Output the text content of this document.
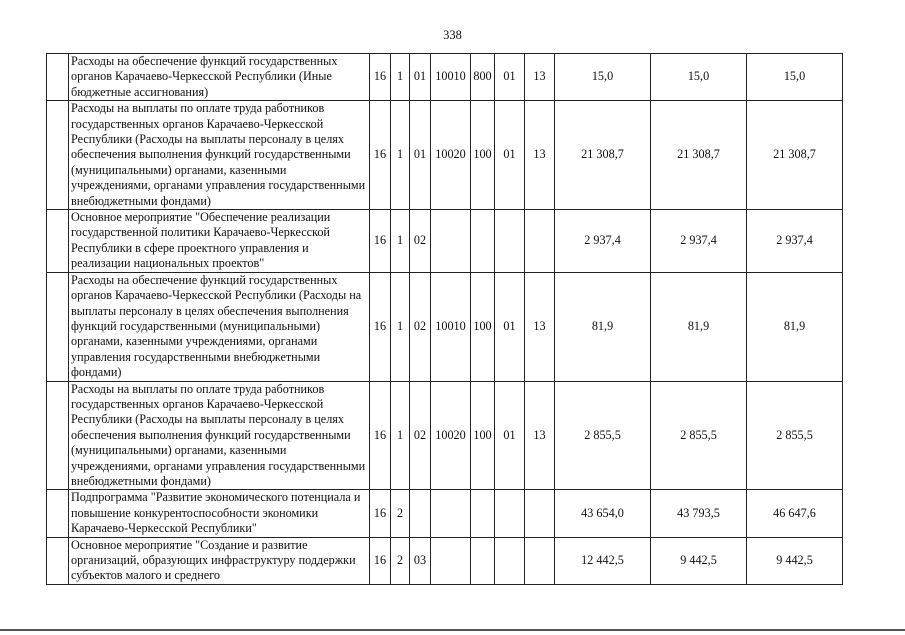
338
	Расходы на обеспечение функций государственных органов Карачаево-Черкесской Республики (Иные бюджетные ассигнования)	16	1	01	10010	800	01	13	15,0	15,0	15,0
	Расходы на выплаты по оплате труда работников государственных органов Карачаево-Черкесской Республики (Расходы на выплаты персоналу в целях обеспечения выполнения функций государственными (муниципальными) органами, казенными учреждениями, органами управления государственными внебюджетными фондами)	16	1	01	10020	100	01	13	21 308,7	21 308,7	21 308,7
	Основное мероприятие "Обеспечение реализации государственной политики Карачаево-Черкесской Республики в сфере проектного управления и реализации национальных проектов"	16	1	02					2 937,4	2 937,4	2 937,4
	Расходы на обеспечение функций государственных органов Карачаево-Черкесской Республики (Расходы на выплаты персоналу в целях обеспечения выполнения функций государственными (муниципальными) органами, казенными учреждениями, органами управления государственными внебюджетными фондами)	16	1	02	10010	100	01	13	81,9	81,9	81,9
	Расходы на выплаты по оплате труда работников государственных органов Карачаево-Черкесской Республики (Расходы на выплаты персоналу в целях обеспечения выполнения функций государственными (муниципальными) органами, казенными учреждениями, органами управления государственными внебюджетными фондами)	16	1	02	10020	100	01	13	2 855,5	2 855,5	2 855,5
	Подпрограмма "Развитие экономического потенциала и повышение конкурентоспособности экономики Карачаево-Черкесской Республики"	16	2						43 654,0	43 793,5	46 647,6
	Основное мероприятие "Создание и развитие организаций, образующих инфраструктуру поддержки субъектов малого и среднего	16	2	03					12 442,5	9 442,5	9 442,5
